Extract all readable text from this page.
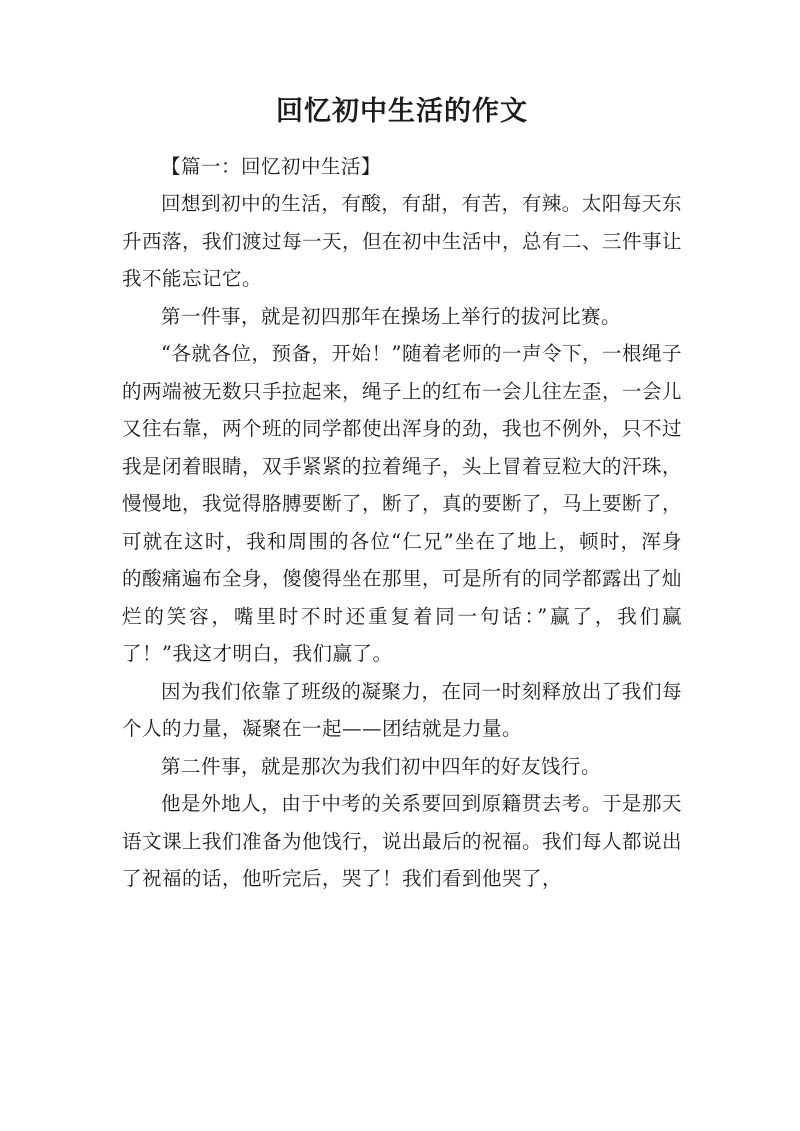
回忆初中生活的作文

【篇一：回忆初中生活】

回想到初中的生活，有酸，有甜，有苦，有辣。太阳每天东升西落，我们渡过每一天，但在初中生活中，总有二、三件事让我不能忘记它。

第一件事，就是初四那年在操场上举行的拔河比赛。

“各就各位，预备，开始！”随着老师的一声令下，一根绳子的两端被无数只手拉起来，绳子上的红布一会儿往左歪，一会儿又往右靠，两个班的同学都使出浑身的劲，我也不例外，只不过我是闭着眼睛，双手紧紧的拉着绳子，头上冒着豆粒大的汗珠，慢慢地，我觉得胳膊要断了，断了，真的要断了，马上要断了，可就在这时，我和周围的各位“仁兄”坐在了地上，顿时，浑身的酸痛遍布全身，傻傻得坐在那里，可是所有的同学都露出了灿烂的笑容，嘴里时不时还重复着同一句话：”赢了，我们赢了！”我这才明白，我们赢了。

因为我们依靠了班级的凝聚力，在同一时刻释放出了我们每个人的力量，凝聚在一起——团结就是力量。

第二件事，就是那次为我们初中四年的好友饯行。

他是外地人，由于中考的关系要回到原籍贯去考。于是那天语文课上我们准备为他饯行，说出最后的祝福。我们每人都说出了祝福的话，他听完后，哭了！我们看到他哭了，
